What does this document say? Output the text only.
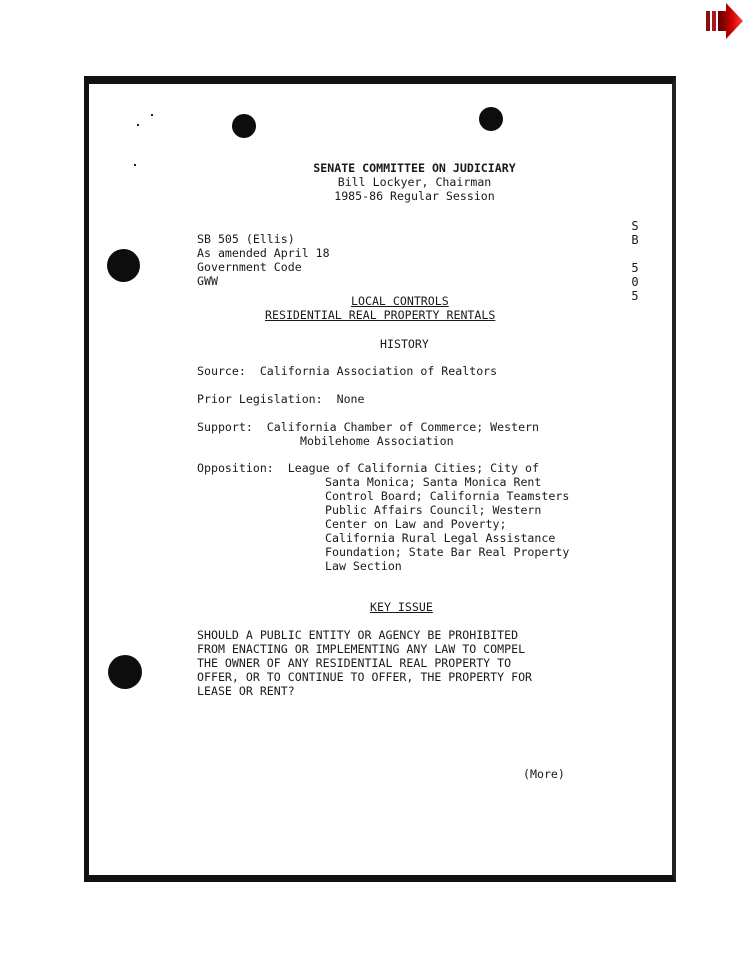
SENATE COMMITTEE ON JUDICIARY
Bill Lockyer, Chairman
1985-86 Regular Session
SB 505 (Ellis)
As amended April 18
Government Code
GWW
S
B
5
0
5
LOCAL CONTROLS
RESIDENTIAL REAL PROPERTY RENTALS
HISTORY
Source:  California Association of Realtors
Prior Legislation:  None
Support:  California Chamber of Commerce; Western
Mobilehome Association
Opposition:  League of California Cities; City of
Santa Monica; Santa Monica Rent
Control Board; California Teamsters
Public Affairs Council; Western
Center on Law and Poverty;
California Rural Legal Assistance
Foundation; State Bar Real Property
Law Section
KEY ISSUE
SHOULD A PUBLIC ENTITY OR AGENCY BE PROHIBITED
FROM ENACTING OR IMPLEMENTING ANY LAW TO COMPEL
THE OWNER OF ANY RESIDENTIAL REAL PROPERTY TO
OFFER, OR TO CONTINUE TO OFFER, THE PROPERTY FOR
LEASE OR RENT?
(More)
